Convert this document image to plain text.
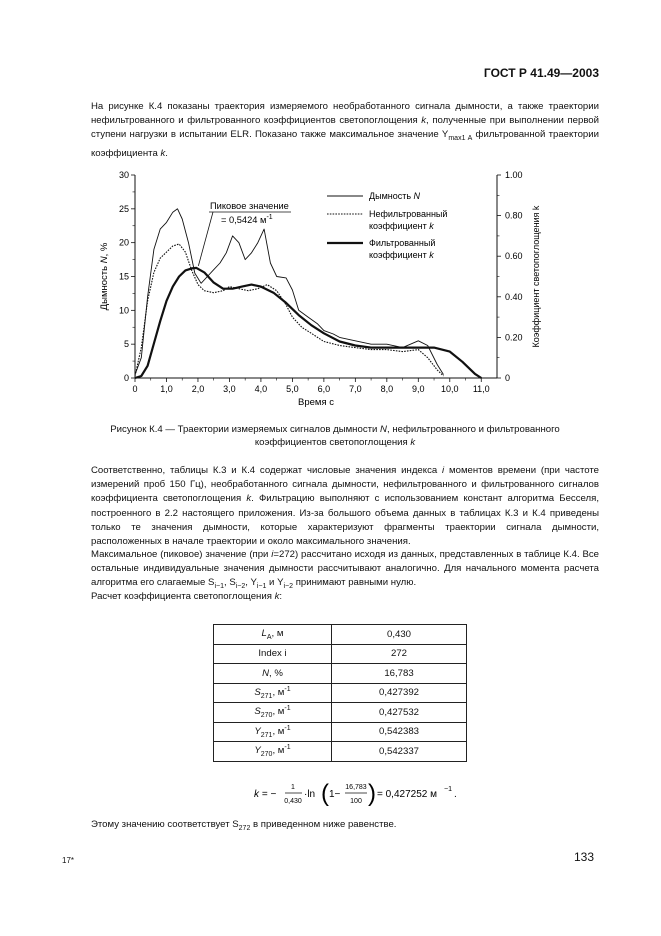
ГОСТ Р 41.49—2003
На рисунке К.4 показаны траектория измеряемого необработанного сигнала дымности, а также траектории нефильтрованного и фильтрованного коэффициентов светопоглощения k, полученные при выполнении первой ступени нагрузки в испытании ELR. Показано также максимальное значение $Y_{max1 A}$ фильтрованной траектории коэффициента k.
0	1,0 2,0 3,0 4,0 5,0 6,0 7,0 8,0 9,0 10,0 11,0
0
5
10
15
20
25
30
0
0.20
0.40
0.60
0.80
1.00
Время с
Дымность N, %	Коэффициент светопоглощения k
Пиковое значение
= 0,5424 $м^{-1}$
Дымность N
Нефильтрованный
коэффициент k
Фильтрованный
коэффициент k
Рисунок К.4 — Траектории измеряемых сигналов дымности N, нефильтрованного и фильтрованного коэффициентов светопоглощения k
Соответственно, таблицы К.3 и К.4 содержат числовые значения индекса i моментов времени (при частоте измерений проб 150 Гц), необработанного сигнала дымности, нефильтрованного и фильтрованного сигналов коэффициента светопоглощения k. Фильтрацию выполняют с использованием констант алгоритма Бесселя, построенного в 2.2 настоящего приложения. Из-за большого объема данных в таблицах К.3 и К.4 приведены только те значения дымности, которые характеризуют фрагменты траектории сигнала дымности, расположенных в начале траектории и около максимального значения.
Максимальное (пиковое) значение (при i=272) рассчитано исходя из данных, представленных в таблице К.4. Все остальные индивидуальные значения дымности рассчитывают аналогично. Для начального момента расчета алгоритма его слагаемые $S_{i-1}$, $S_{i-2}$, $Y_{i-1}$ и $Y_{i-2}$ принимают равными нулю.
Расчет коэффициента светопоглощения k:
$L_A$, м	0,430
Index i	272
N, %	16,783
$S_{271}$, $м^{-1}$	0,427392
$S_{270}$, $м^{-1}$	0,427532
$Y_{271}$, $м^{-1}$	0,542383
$Y_{270}$, $м^{-1}$	0,542337
k = −
1
0,430
·ln ( 1−
16,783
100 ) = 0,427252 м −1 .
Этому значению соответствует $S_{272}$ в приведенном ниже равенстве.
17*	133
